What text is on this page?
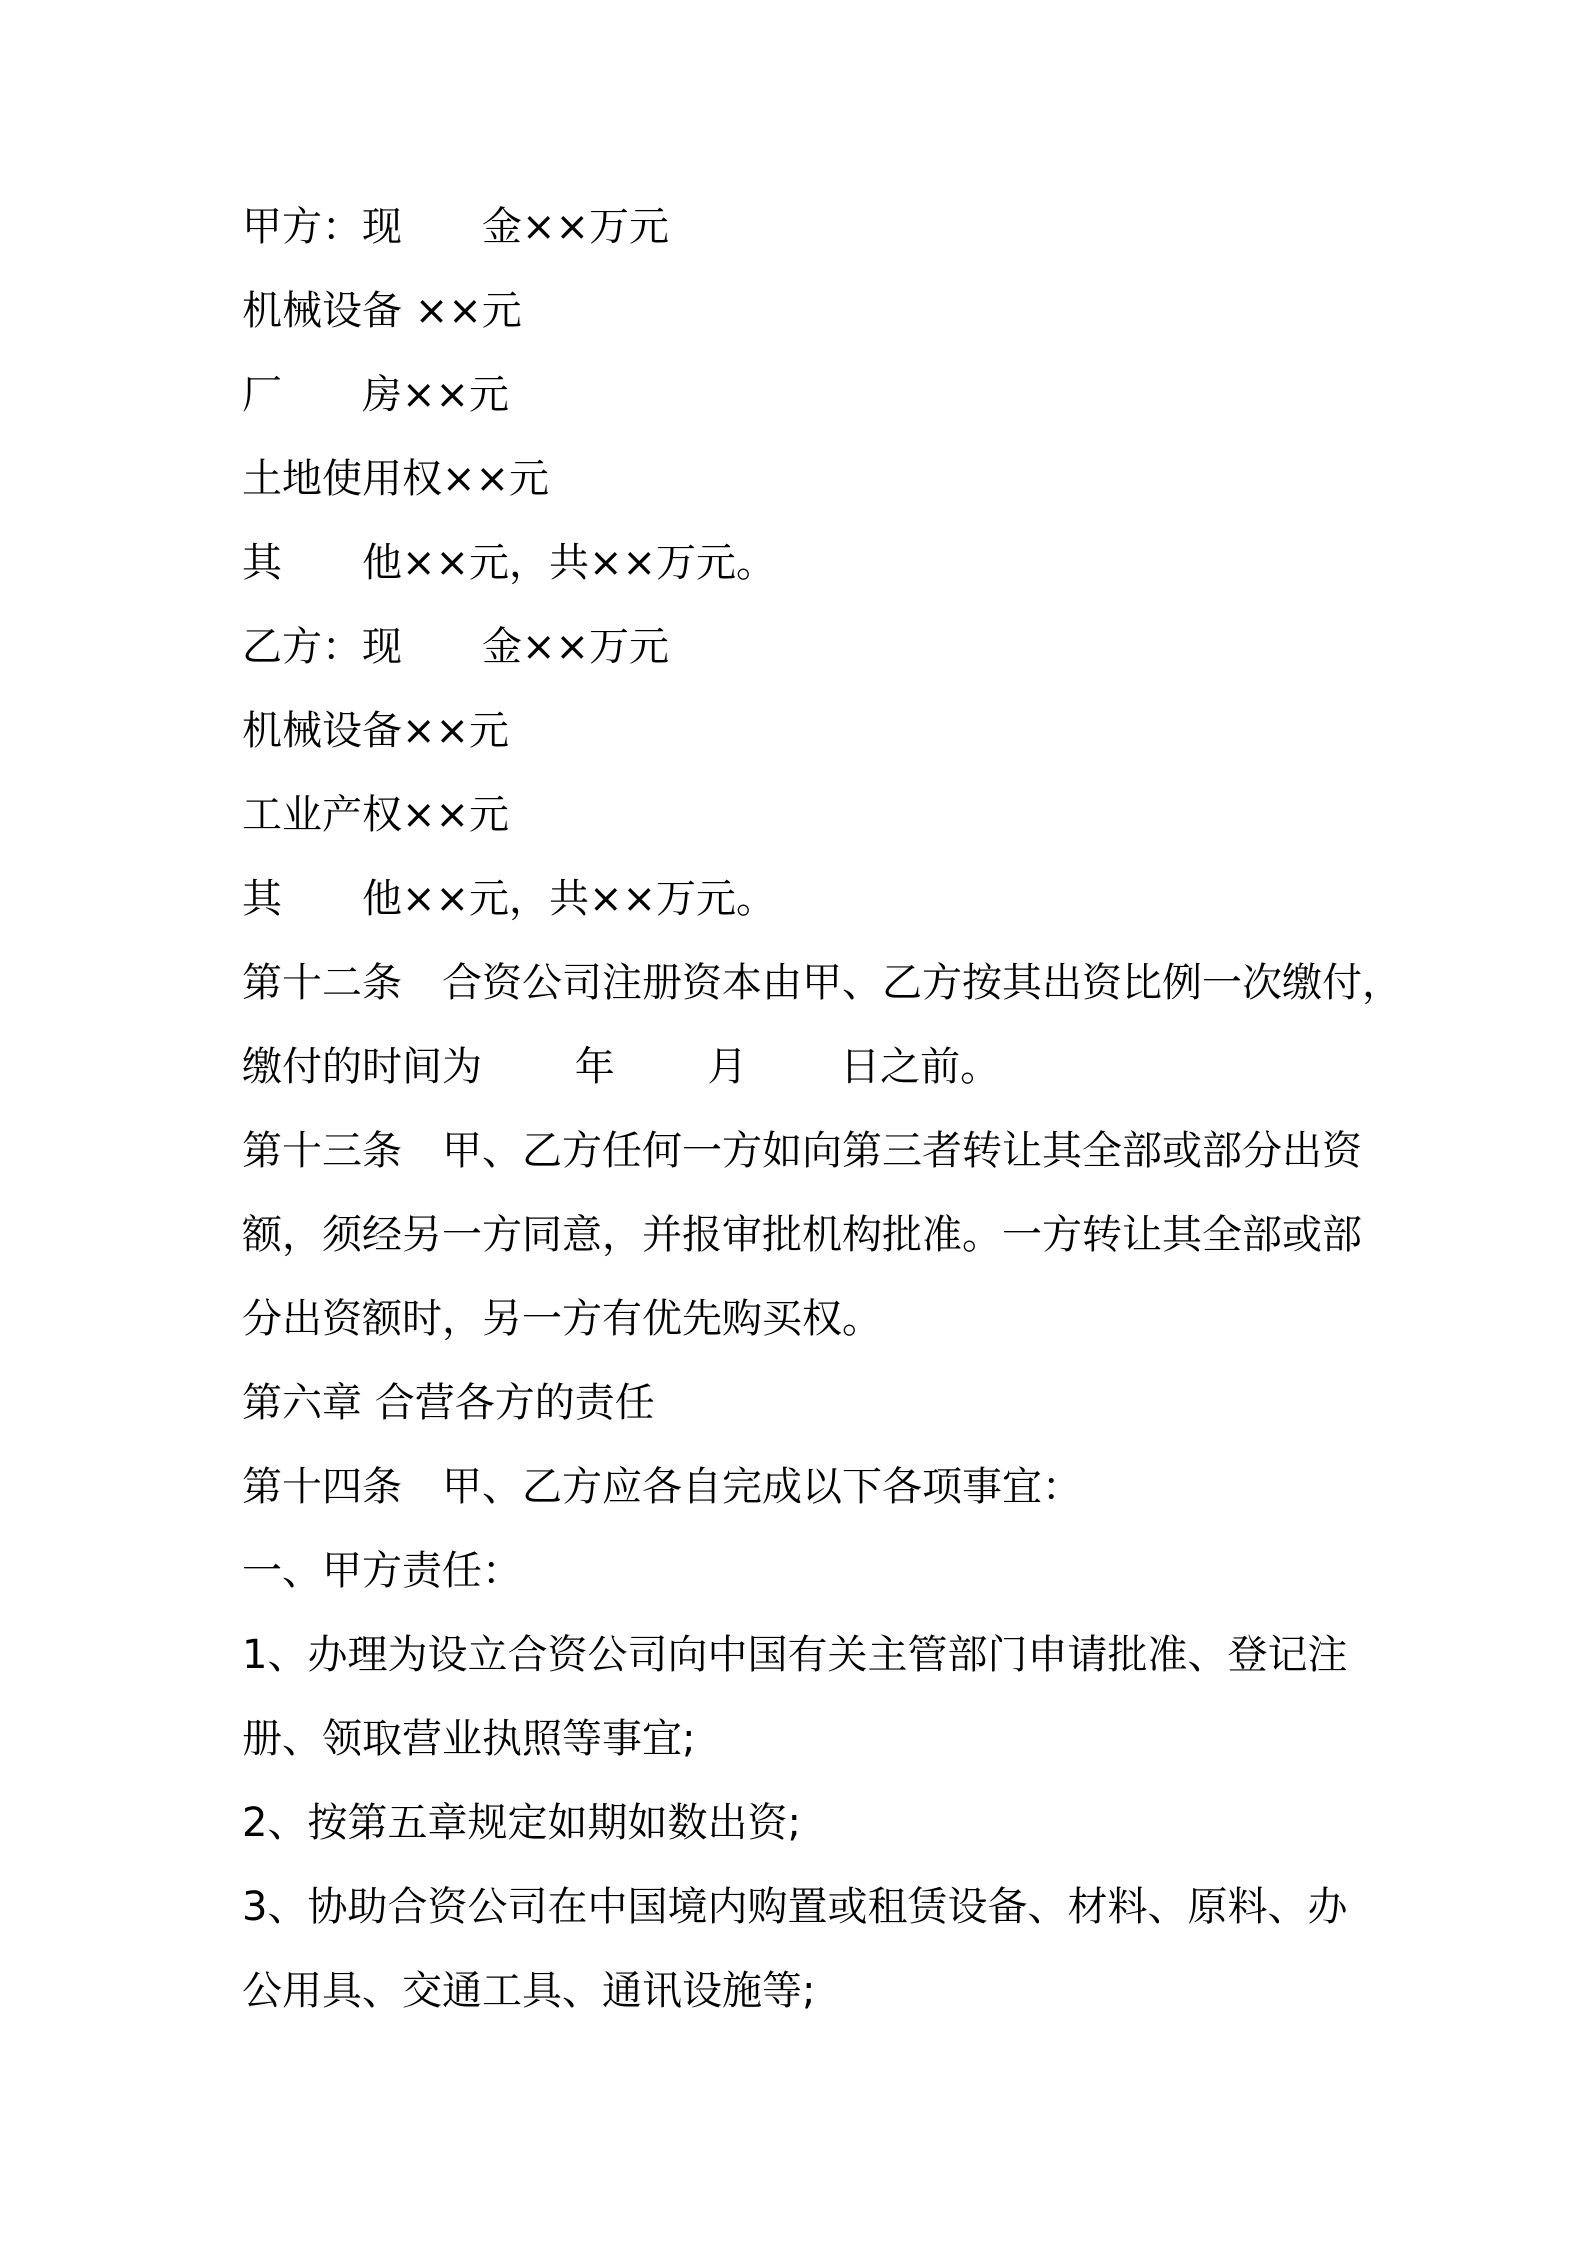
甲方：现　　金××万元
机械设备 ××元
厂　　房××元
土地使用权××元
其　　他××元，共××万元。
乙方：现　　金××万元
机械设备××元
工业产权××元
其　　他××元，共××万元。
第十二条　合资公司注册资本由甲、乙方按其出资比例一次缴付，
缴付的时间为　　 年　　 月　　 日之前。
第十三条　甲、乙方任何一方如向第三者转让其全部或部分出资
额，须经另一方同意，并报审批机构批准。一方转让其全部或部
分出资额时，另一方有优先购买权。
第六章 合营各方的责任
第十四条　甲、乙方应各自完成以下各项事宜：
一、甲方责任：
1、办理为设立合资公司向中国有关主管部门申请批准、登记注
册、领取营业执照等事宜;
2、按第五章规定如期如数出资;
3、协助合资公司在中国境内购置或租赁设备、材料、原料、办
公用具、交通工具、通讯设施等;
